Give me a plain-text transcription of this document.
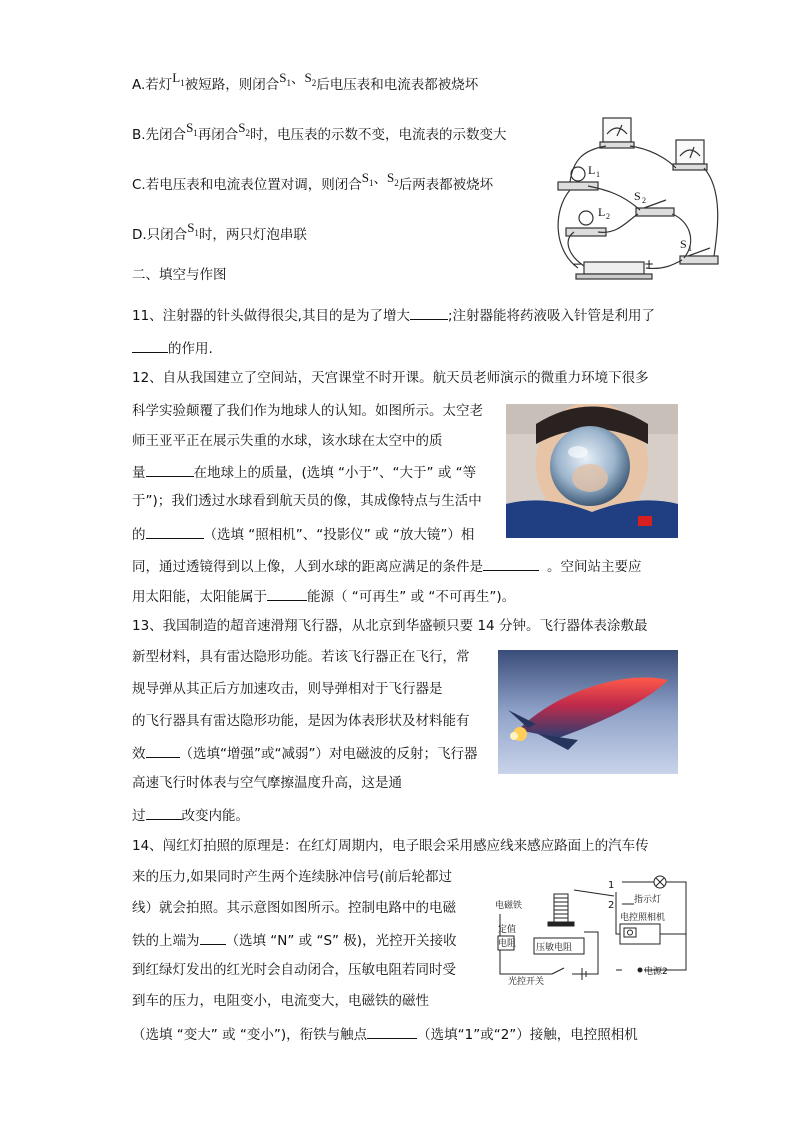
A.若灯$L^1$被短路，则闭合$S^1$、$S^2$后电压表和电流表都被烧坏
B.先闭合$S^1$再闭合$S^2$时，电压表的示数不变，电流表的示数变大
C.若电压表和电流表位置对调，则闭合$S^1$、$S^2$后两表都被烧坏
D.只闭合$S^1$时，两只灯泡串联
L 1
L 2
S 2
S 1
−	+
二、填空与作图
11、注射器的针头做得很尖,其目的是为了增大	;注射器能将药液吸入针管是利用了
的作用.
12、自从我国建立了空间站，天宫课堂不时开课。航天员老师演示的微重力环境下很多
科学实验颠覆了我们作为地球人的认知。如图所示。太空老
师王亚平正在展示失重的水球，该水球在太空中的质
量	在地球上的质量，(选填 “小于”、“大于” 或 “等
于”)；我们透过水球看到航天员的像，其成像特点与生活中
的	（选填 “照相机”、“投影仪” 或 “放大镜”）相
同，通过透镜得到以上像，人到水球的距离应满足的条件是	。空间站主要应
用太阳能，太阳能属于	能源（ “可再生” 或 “不可再生”)。
13、我国制造的超音速滑翔飞行器，从北京到华盛顿只要 14 分钟。飞行器体表涂敷最
新型材料，具有雷达隐形功能。若该飞行器正在飞行，常
规导弹从其正后方加速攻击，则导弹相对于飞行器是
的飞行器具有雷达隐形功能，是因为体表形状及材料能有
效	（选填“增强”或“减弱”）对电磁波的反射；飞行器
高速飞行时体表与空气摩擦温度升高，这是通
过	改变内能。
14、闯红灯拍照的原理是：在红灯周期内，电子眼会采用感应线来感应路面上的汽车传
来的压力,如果同时产生两个连续脉冲信号(前后轮都过
线）就会拍照。其示意图如图所示。控制电路中的电磁
铁的上端为 （选填 “N” 或 “S” 极)，光控开关接收
到红绿灯发出的红光时会自动闭合，压敏电阻若同时受
到车的压力，电阻变小，电流变大，电磁铁的磁性
（选填 “变大” 或 “变小”)，衔铁与触点	（选填“1”或“2”）接触，电控照相机
电磁铁
定值
电阻 压敏电阻
光控开关
1
2 指示灯
电控照相机
电源2
